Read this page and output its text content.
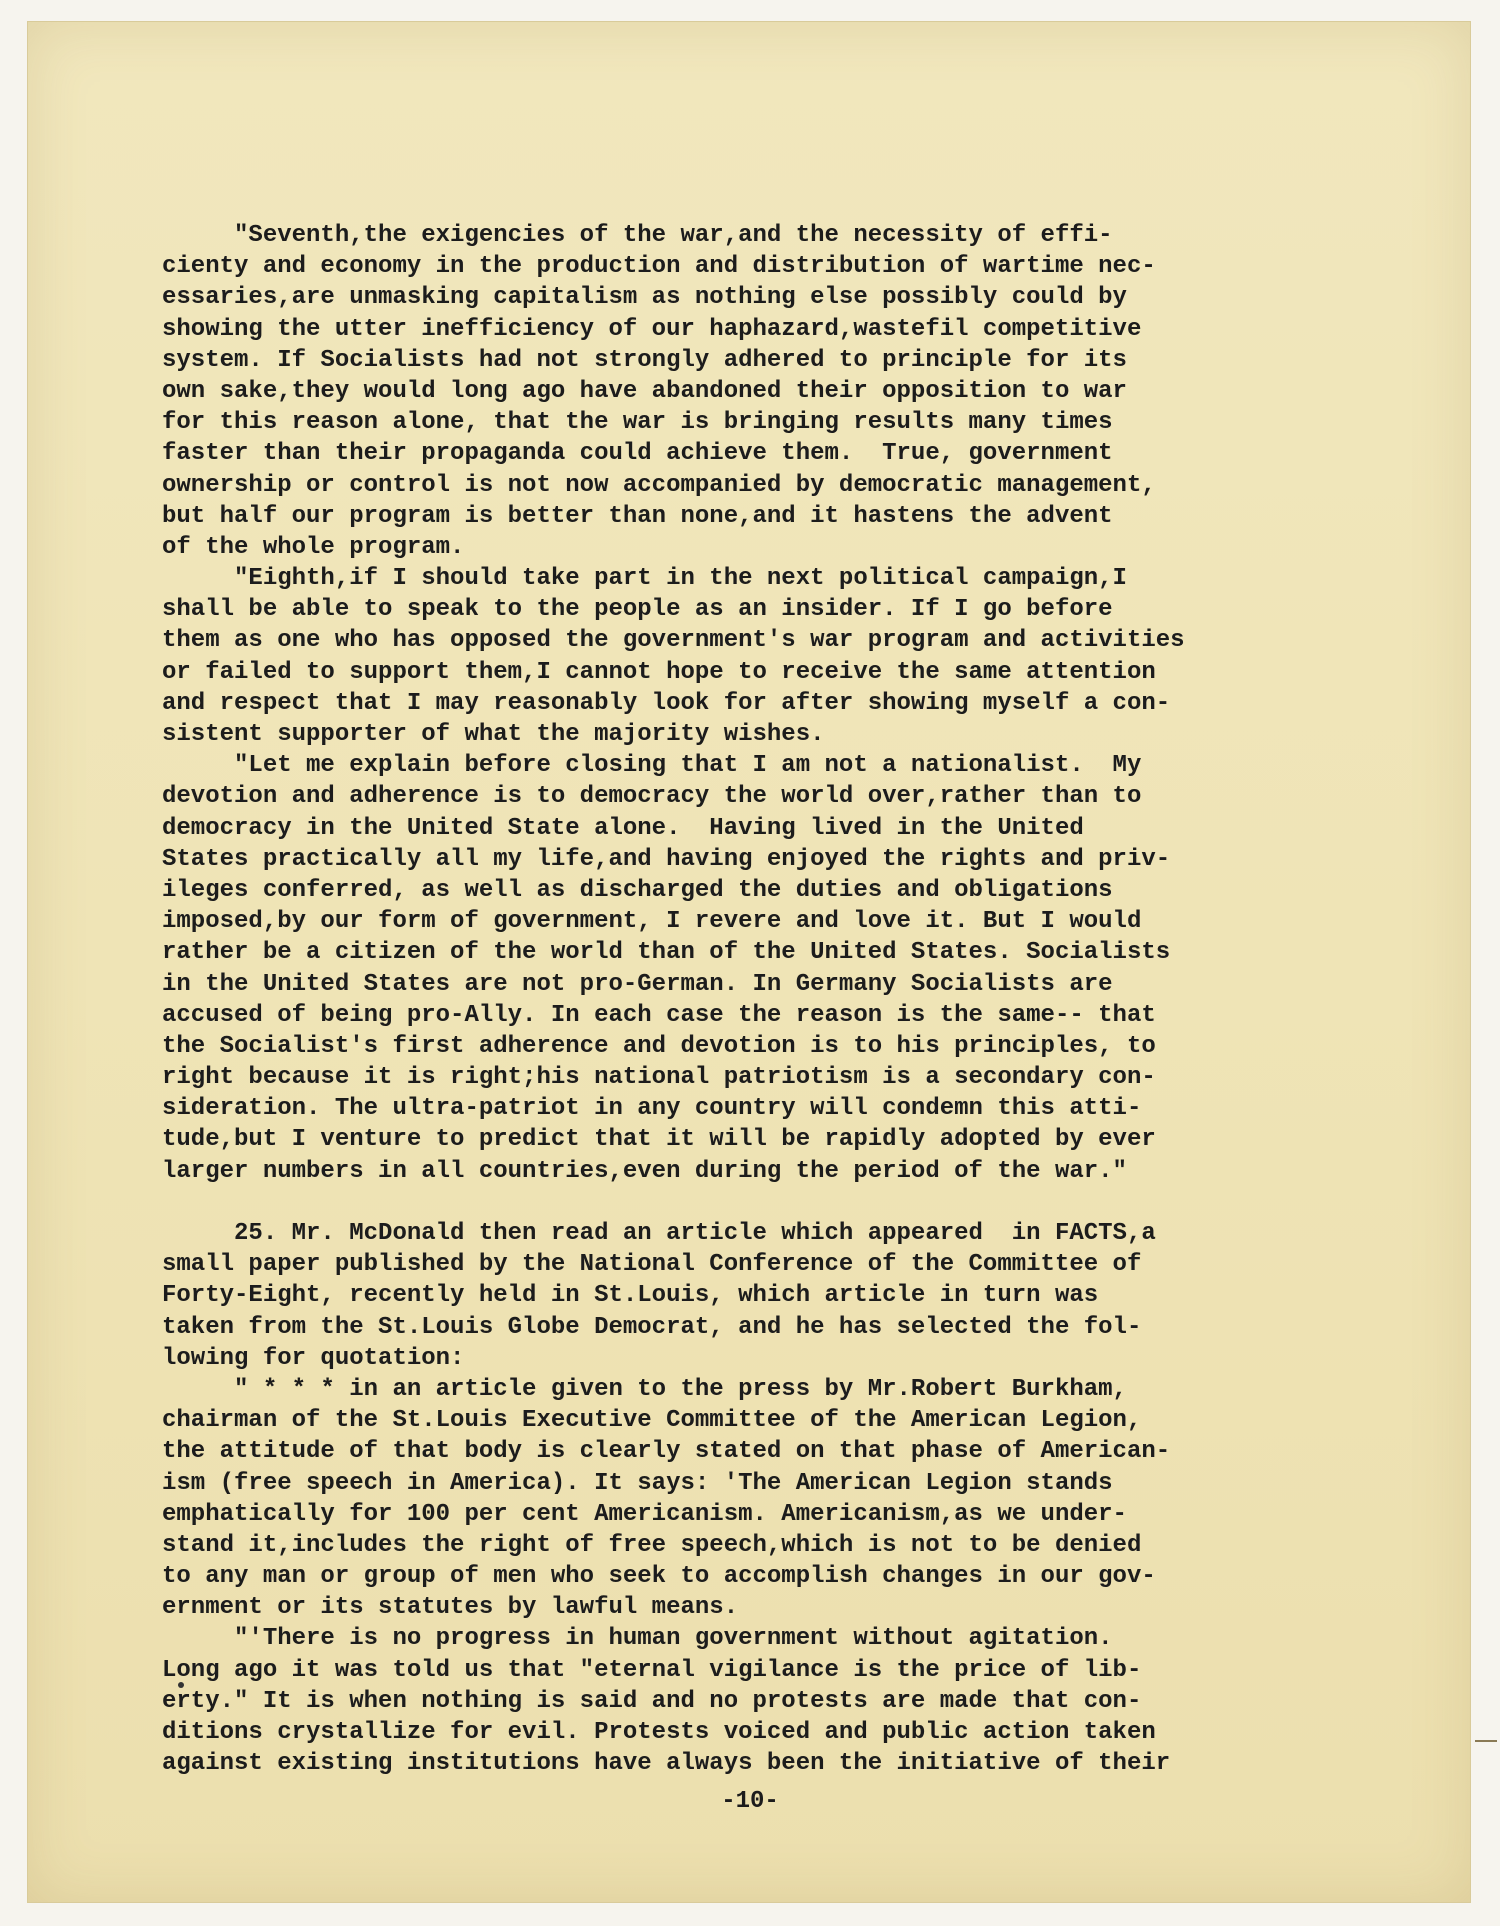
"Seventh,the exigencies of the war,and the necessity of effi-
cienty and economy in the production and distribution of wartime nec-
essaries,are unmasking capitalism as nothing else possibly could by
showing the utter inefficiency of our haphazard,wastefil competitive
system. If Socialists had not strongly adhered to principle for its
own sake,they would long ago have abandoned their opposition to war
for this reason alone, that the war is bringing results many times
faster than their propaganda could achieve them.  True, government
ownership or control is not now accompanied by democratic management,
but half our program is better than none,and it hastens the advent
of the whole program.
"Eighth,if I should take part in the next political campaign,I
shall be able to speak to the people as an insider. If I go before
them as one who has opposed the government's war program and activities
or failed to support them,I cannot hope to receive the same attention
and respect that I may reasonably look for after showing myself a con-
sistent supporter of what the majority wishes.
"Let me explain before closing that I am not a nationalist.  My
devotion and adherence is to democracy the world over,rather than to
democracy in the United State alone.  Having lived in the United
States practically all my life,and having enjoyed the rights and priv-
ileges conferred, as well as discharged the duties and obligations
imposed,by our form of government, I revere and love it. But I would
rather be a citizen of the world than of the United States. Socialists
in the United States are not pro-German. In Germany Socialists are
accused of being pro-Ally. In each case the reason is the same-- that
the Socialist's first adherence and devotion is to his principles, to
right because it is right;his national patriotism is a secondary con-
sideration. The ultra-patriot in any country will condemn this atti-
tude,but I venture to predict that it will be rapidly adopted by ever
larger numbers in all countries,even during the period of the war."
25. Mr. McDonald then read an article which appeared  in FACTS,a
small paper published by the National Conference of the Committee of
Forty-Eight, recently held in St.Louis, which article in turn was
taken from the St.Louis Globe Democrat, and he has selected the fol-
lowing for quotation:
" * * * in an article given to the press by Mr.Robert Burkham,
chairman of the St.Louis Executive Committee of the American Legion,
the attitude of that body is clearly stated on that phase of American-
ism (free speech in America). It says: 'The American Legion stands
emphatically for 100 per cent Americanism. Americanism,as we under-
stand it,includes the right of free speech,which is not to be denied
to any man or group of men who seek to accomplish changes in our gov-
ernment or its statutes by lawful means.
"'There is no progress in human government without agitation.
Long ago it was told us that "eternal vigilance is the price of lib-
erty." It is when nothing is said and no protests are made that con-
ditions crystallize for evil. Protests voiced and public action taken
against existing institutions have always been the initiative of their
-10-
